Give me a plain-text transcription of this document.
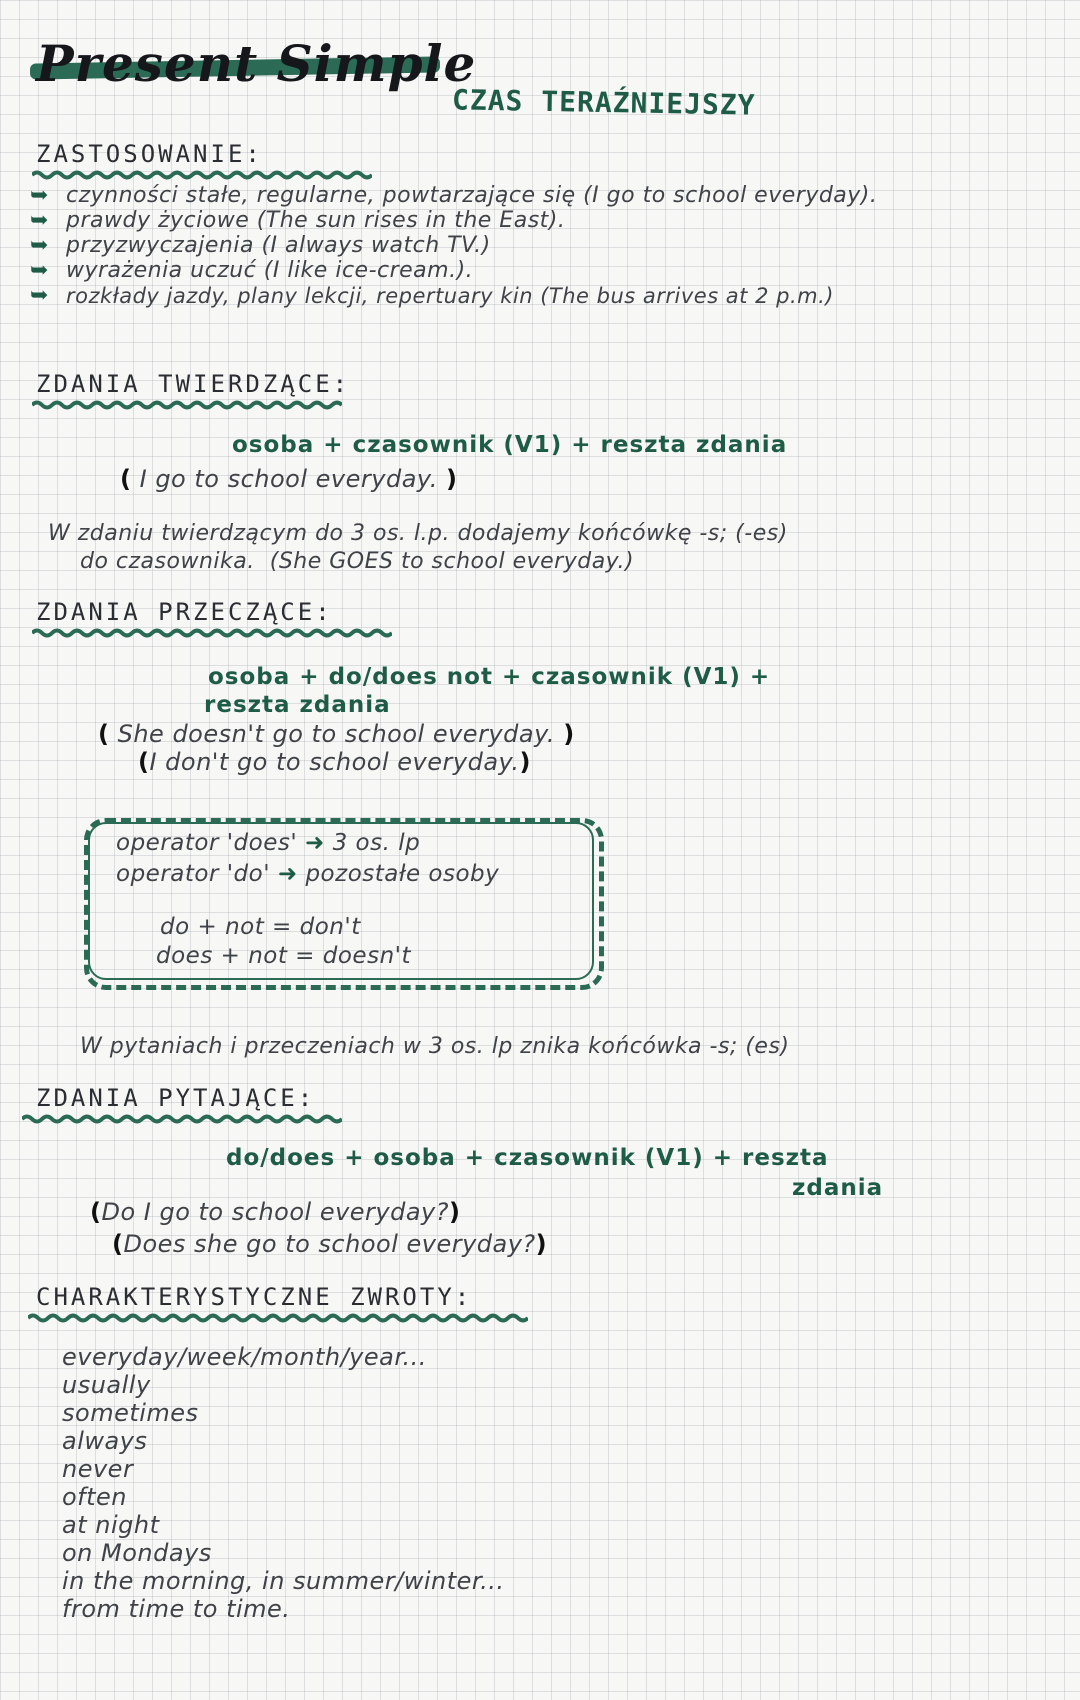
Present Simple
CZAS TERAŹNIEJSZY
ZASTOSOWANIE:
➥ czynności stałe, regularne, powtarzające się (I go to school everyday).
➥ prawdy życiowe (The sun rises in the East).
➥ przyzwyczajenia (I always watch TV.)
➥ wyrażenia uczuć (I like ice-cream.).
➥ rozkłady jazdy, plany lekcji, repertuary kin (The bus arrives at 2 p.m.)
ZDANIA TWIERDZĄCE:
osoba + czasownik (V1) + reszta zdania
( I go to school everyday. )
W zdaniu twierdzącym do 3 os. l.p. dodajemy końcówkę -s; (-es)
do czasownika. (She GOES to school everyday.)
ZDANIA PRZECZĄCE:
osoba + do/does not + czasownik (V1) +
reszta zdania
( She doesn't go to school everyday. )
(I don't go to school everyday.)
operator 'does' ➜ 3 os. lp
operator 'do' ➜ pozostałe osoby
do + not = don't
does + not = doesn't
W pytaniach i przeczeniach w 3 os. lp znika końcówka -s; (es)
ZDANIA PYTAJĄCE:
do/does + osoba + czasownik (V1) + reszta
zdania
(Do I go to school everyday?)
(Does she go to school everyday?)
CHARAKTERYSTYCZNE ZWROTY:
everyday/week/month/year...
usually
sometimes
always
never
often
at night
on Mondays
in the morning, in summer/winter...
from time to time.
